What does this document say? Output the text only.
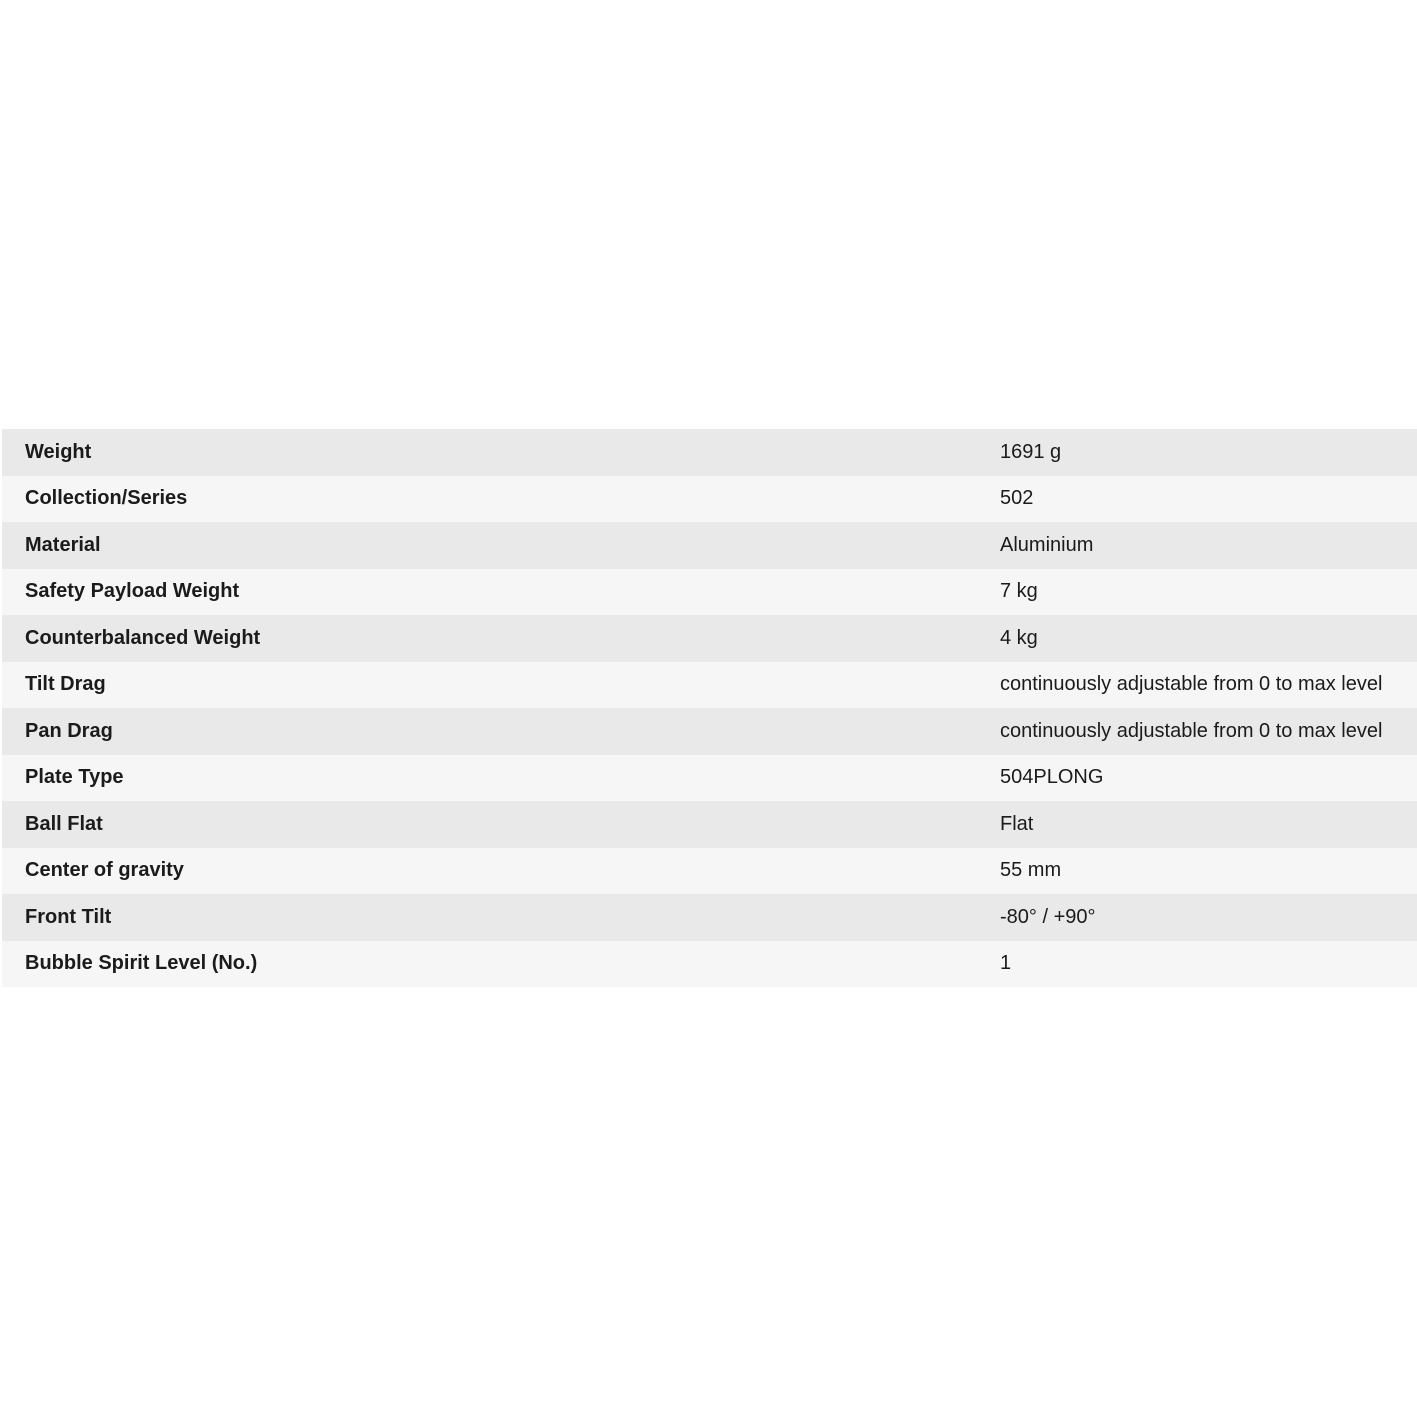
Weight	1691 g
Collection/Series	502
Material	Aluminium
Safety Payload Weight	7 kg
Counterbalanced Weight	4 kg
Tilt Drag	continuously adjustable from 0 to max level
Pan Drag	continuously adjustable from 0 to max level
Plate Type	504PLONG
Ball Flat	Flat
Center of gravity	55 mm
Front Tilt	-80° / +90°
Bubble Spirit Level (No.)	1
